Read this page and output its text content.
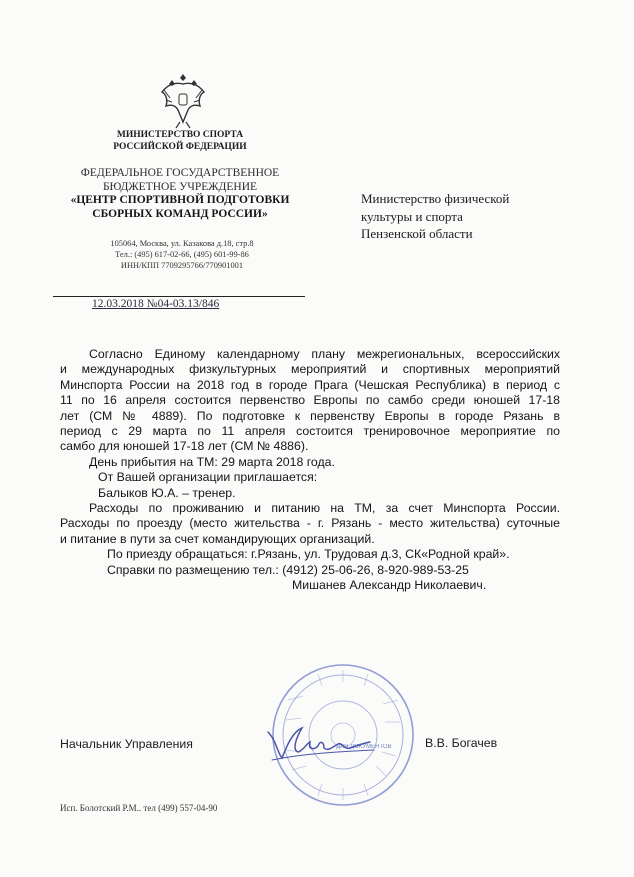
МИНИСТЕРСТВО СПОРТА
РОССИЙСКОЙ ФЕДЕРАЦИИ
ФЕДЕРАЛЬНОЕ ГОСУДАРСТВЕННОЕ
БЮДЖЕТНОЕ УЧРЕЖДЕНИЕ
«ЦЕНТР СПОРТИВНОЙ ПОДГОТОВКИ
СБОРНЫХ КОМАНД РОССИИ»
105064, Москва, ул. Казакова д.18, стр.8
Тел.: (495) 617-02-66, (495) 601-99-86
ИНН/КПП 7709295766/770901001
Министерство физической
культуры и спорта
Пензенской области
12.03.2018 №04-03.13/846

Согласно Единому календарному плану межрегиональных, всероссийских

и международных физкультурных мероприятий и спортивных мероприятий

Минспорта России на 2018 год в городе Прага (Чешская Республика) в период с

11 по 16 апреля состоится первенство Европы по самбо среди юношей 17-18

лет (СМ № 4889). По подготовке к первенству Европы в городе Рязань в

период с 29 марта по 11 апреля состоится тренировочное мероприятие по

самбо для юношей 17-18 лет (СМ № 4886).

День прибытия на ТМ: 29 марта 2018 года.

От Вашей организации приглашается:

Балыков Ю.А. – тренер.

Расходы по проживанию и питанию на ТМ, за счет Минспорта России.

Расходы по проезду (место жительства - г. Рязань - место жительства) суточные

и питание в пути за счет командирующих организаций.

По приезду обращаться: г.Рязань, ул. Трудовая д.3, СК«Родной край».

Справки по размещению тел.: (4912) 25-06-26, 8-920-989-53-25

Мишанев Александр Николаевич.

ДЛЯ ДОКУМЕНТОВ
Начальник Управления	В.В. Богачев
Исп. Болотский Р.М.. тел (499) 557-04-90
